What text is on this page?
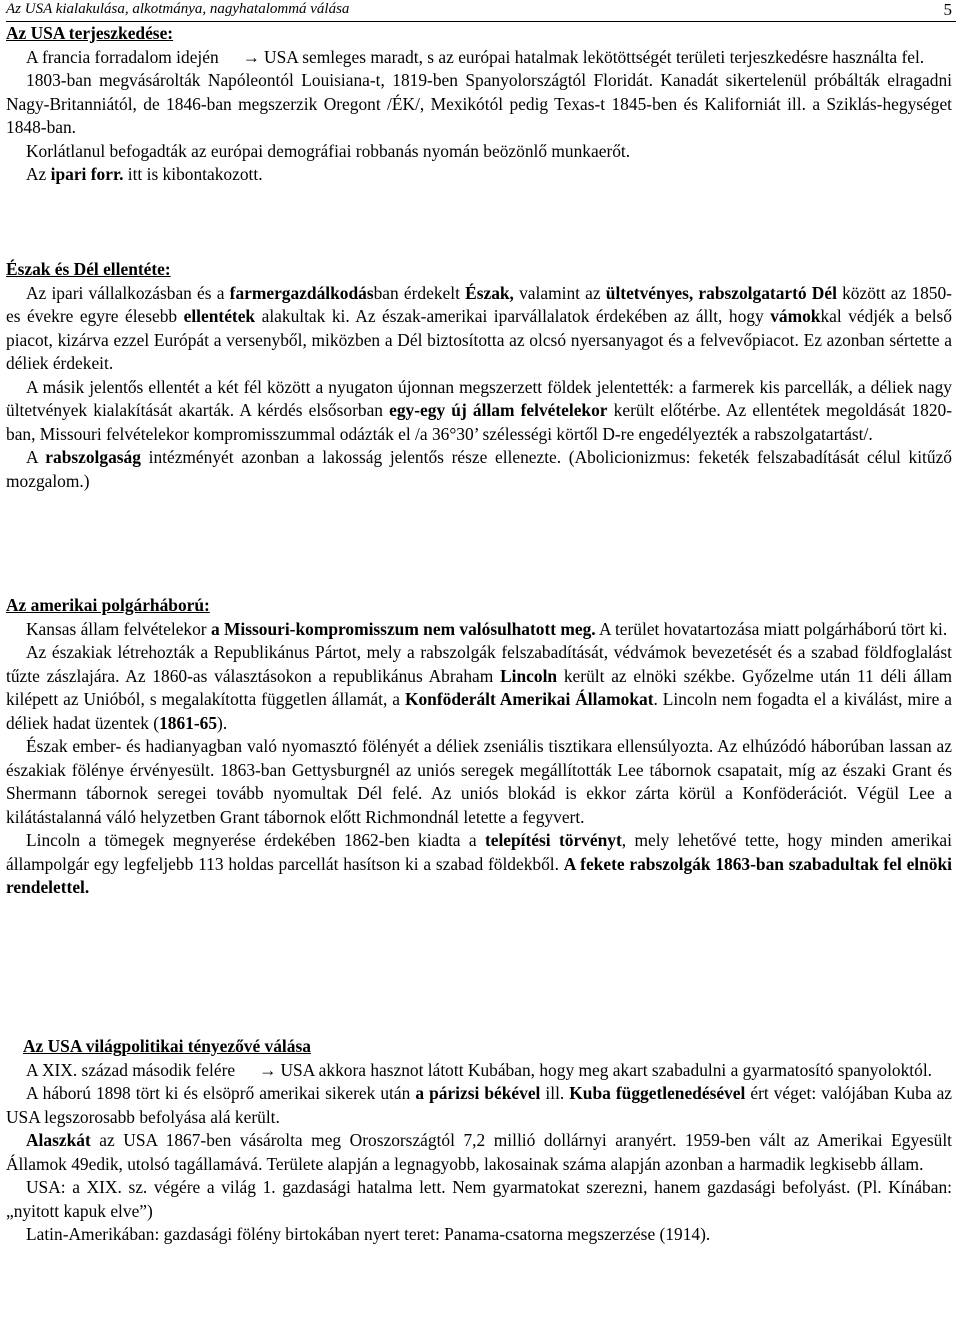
Az USA kialakulása, alkotmánya, nagyhatalommá válása	5

Az USA terjeszkedése:

A francia forradalom idején → USA semleges maradt, s az európai hatalmak lekötöttségét területi terjeszkedésre használta fel.

1803-ban megvásárolták Napóleontól Louisiana-t, 1819-ben Spanyolországtól Floridát. Kanadát sikertelenül próbálták elragadni Nagy-Britanniától, de 1846-ban megszerzik Oregont /ÉK/, Mexikótól pedig Texas-t 1845-ben és Kaliforniát ill. a Sziklás-hegységet 1848-ban.

Korlátlanul befogadták az európai demográfiai robbanás nyomán beözönlő munkaerőt.

Az ipari forr. itt is kibontakozott.

Észak és Dél ellentéte:

Az ipari vállalkozásban és a farmergazdálkodásban érdekelt Észak, valamint az ültetvényes, rabszolgatartó Dél között az 1850-es évekre egyre élesebb ellentétek alakultak ki. Az észak-amerikai iparvállalatok érdekében az állt, hogy vámokkal védjék a belső piacot, kizárva ezzel Európát a versenyből, miközben a Dél biztosította az olcsó nyersanyagot és a felvevőpiacot. Ez azonban sértette a déliek érdekeit.

A másik jelentős ellentét a két fél között a nyugaton újonnan megszerzett földek jelentették: a farmerek kis parcellák, a déliek nagy ültetvények kialakítását akarták. A kérdés elsősorban egy-egy új állam felvételekor került előtérbe. Az ellentétek megoldását 1820-ban, Missouri felvételekor kompromisszummal odázták el /a 36°30’ szélességi körtől D-re engedélyezték a rabszolgatartást/.

A rabszolgaság intézményét azonban a lakosság jelentős része ellenezte. (Abolicionizmus: feketék felszabadítását célul kitűző mozgalom.)

Az amerikai polgárháború:

Kansas állam felvételekor a Missouri-kompromisszum nem valósulhatott meg. A terület hovatartozása miatt polgárháború tört ki.

Az északiak létrehozták a Republikánus Pártot, mely a rabszolgák felszabadítását, védvámok bevezetését és a szabad földfoglalást tűzte zászlajára. Az 1860-as választásokon a republikánus Abraham Lincoln került az elnöki székbe. Győzelme után 11 déli állam kilépett az Unióból, s megalakította független államát, a Konföderált Amerikai Államokat. Lincoln nem fogadta el a kiválást, mire a déliek hadat üzentek (1861-65).

Észak ember- és hadianyagban való nyomasztó fölényét a déliek zseniális tisztikara ellensúlyozta. Az elhúzódó háborúban lassan az északiak fölénye érvényesült. 1863-ban Gettysburgnél az uniós seregek megállították Lee tábornok csapatait, míg az északi Grant és Shermann tábornok seregei tovább nyomultak Dél felé. Az uniós blokád is ekkor zárta körül a Konföderációt. Végül Lee a kilátástalanná váló helyzetben Grant tábornok előtt Richmondnál letette a fegyvert.

Lincoln a tömegek megnyerése érdekében 1862-ben kiadta a telepítési törvényt, mely lehetővé tette, hogy minden amerikai állampolgár egy legfeljebb 113 holdas parcellát hasítson ki a szabad földekből. A fekete rabszolgák 1863-ban szabadultak fel elnöki rendelettel.

Az USA világpolitikai tényezővé válása

A XIX. század második felére → USA akkora hasznot látott Kubában, hogy meg akart szabadulni a gyarmatosító spanyoloktól.

A háború 1898 tört ki és elsöprő amerikai sikerek után a párizsi békével ill. Kuba függetlenedésével ért véget: valójában Kuba az USA legszorosabb befolyása alá került.

Alaszkát az USA 1867-ben vásárolta meg Oroszországtól 7,2 millió dollárnyi aranyért. 1959-ben vált az Amerikai Egyesült Államok 49edik, utolsó tagállamává. Területe alapján a legnagyobb, lakosainak száma alapján azonban a harmadik legkisebb állam.

USA: a XIX. sz. végére a világ 1. gazdasági hatalma lett. Nem gyarmatokat szerezni, hanem gazdasági befolyást. (Pl. Kínában: „nyitott kapuk elve”)

Latin-Amerikában: gazdasági fölény birtokában nyert teret: Panama-csatorna megszerzése (1914).
